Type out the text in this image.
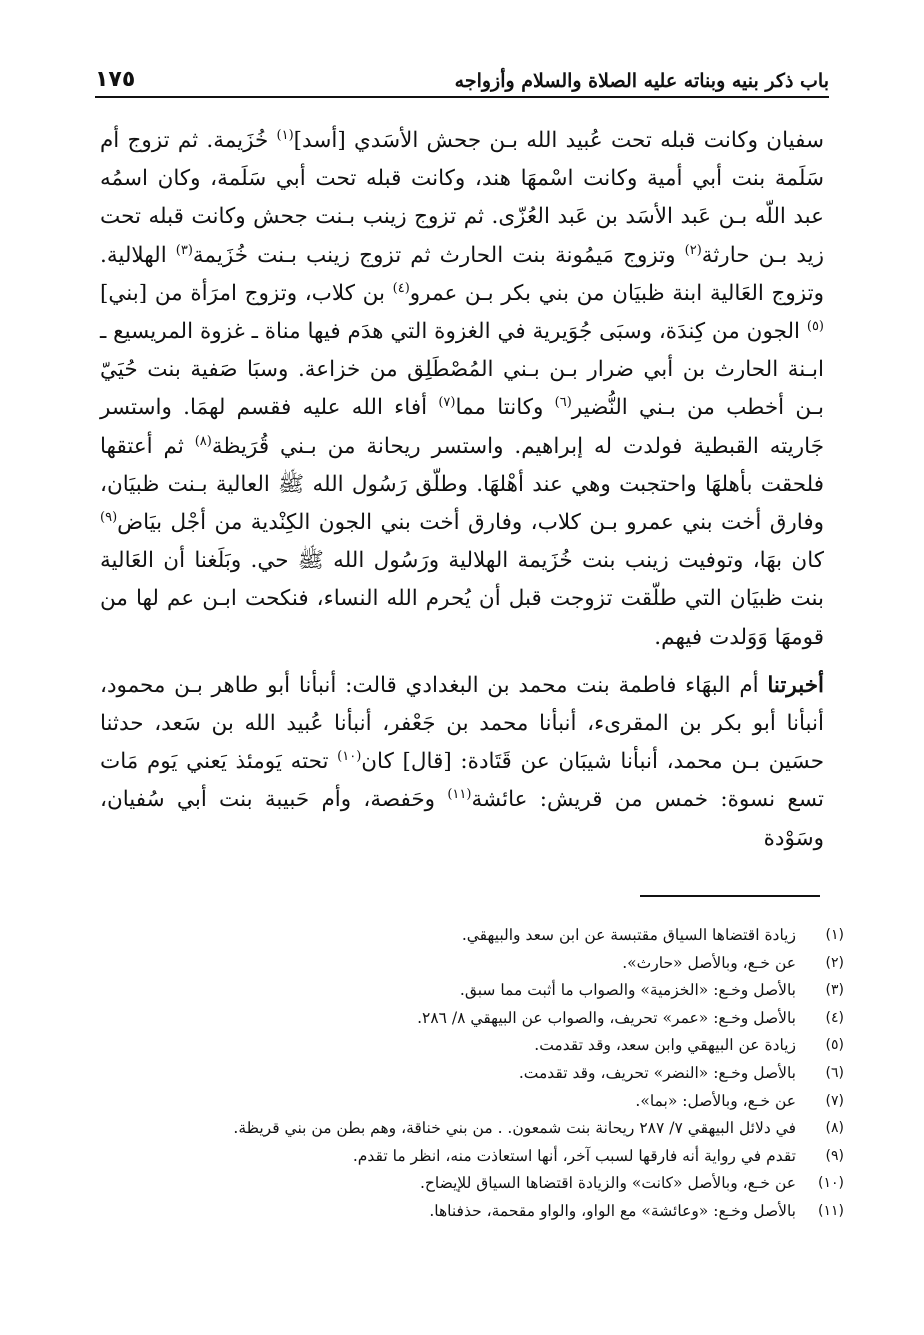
باب ذكر بنيه وبناته عليه الصلاة والسلام وأزواجه
١٧٥

سفيان وكانت قبله تحت عُبيد الله بـن جحش الأسَدي [أسد]$^{(١)}$ خُزَيمة. ثم تزوج أم سَلَمة بنت أبي أمية وكانت اسْمهَا هند، وكانت قبله تحت أبي سَلَمة، وكان اسمُه عبد اللّه بـن عَبد الأسَد بن عَبد العُزّى. ثم تزوج زينب بـنت جحش وكانت قبله تحت زيد بـن حارثة$^{(٢)}$ وتزوج مَيمُونة بنت الحارث ثم تزوج زينب بـنت خُزَيمة$^{(٣)}$ الهلالية. وتزوج العَالية ابنة ظبيَان من بني بكر بـن عمرو$^{(٤)}$ بن كلاب، وتزوج امرَأة من [بني]$^{(٥)}$ الجون من كِندَة، وسبَى جُوَيرية في الغزوة التي هدَم فيها مناة ـ غزوة المريسيع ـ ابـنة الحارث بن أبي ضرار بـن بـني المُصْطَلِق من خزاعة. وسبَا صَفية بنت حُيَيّ بـن أخطب من بـني النُّضير$^{(٦)}$ وكانتا مما$^{(٧)}$ أفاء الله عليه فقسم لهمَا. واستسر جَاريته القبطية فولدت له إبراهيم. واستسر ريحانة من بـني قُرَيظة$^{(٨)}$ ثم أعتقها فلحقت بأهلهَا واحتجبت وهي عند أهْلهَا. وطلّق رَسُول الله ﷺ العالية بـنت ظبيَان، وفارق أخت بني عمرو بـن كلاب، وفارق أخت بني الجون الكِنْدية من أجْل بيَاض$^{(٩)}$ كان بهَا، وتوفيت زينب بنت خُزَيمة الهلالية ورَسُول الله ﷺ حي. وبَلَغنا أن العَالية بنت ظبيَان التي طلّقت تزوجت قبل أن يُحرم الله النساء، فنكحت ابـن عم لها من قومهَا وَوَلدت فيهم.

أخبرتنا أم البهَاء فاطمة بنت محمد بن البغدادي قالت: أنبأنا أبو طاهر بـن محمود، أنبأنا أبو بكر بن المقرىء، أنبأنا محمد بن جَعْفر، أنبأنا عُبيد الله بن سَعد، حدثنا حسَين بـن محمد، أنبأنا شيبَان عن قَتَادة: [قال] كان$^{(١٠)}$ تحته يَومئذ يَعني يَوم مَات تسع نسوة: خمس من قريش: عائشة$^{(١١)}$ وحَفصة، وأم حَبيبة بنت أبي سُفيان، وسَوْدة

(١)
زيادة اقتضاها السياق مقتبسة عن ابن سعد والبيهقي.
(٢)
عن خـع، وبالأصل «حارث».
(٣)
بالأصل وخـع: «الخزمية» والصواب ما أثبت مما سبق.
(٤)
بالأصل وخـع: «عمر» تحريف، والصواب عن البيهقي ٨/ ٢٨٦.
(٥)
زيادة عن البيهقي وابن سعد، وقد تقدمت.
(٦)
بالأصل وخـع: «النضر» تحريف، وقد تقدمت.
(٧)
عن خـع، وبالأصل: «بما».
(٨)
في دلائل البيهقي ٧/ ٢٨٧ ريحانة بنت شمعون. . من بني خناقة، وهم بطن من بني قريظة.
(٩)
تقدم في رواية أنه فارقها لسبب آخر، أنها استعاذت منه، انظر ما تقدم.
(١٠)
عن خـع، وبالأصل «كانت» والزيادة اقتضاها السياق للإيضاح.
(١١)
بالأصل وخـع: «وعائشة» مع الواو، والواو مقحمة، حذفناها.
